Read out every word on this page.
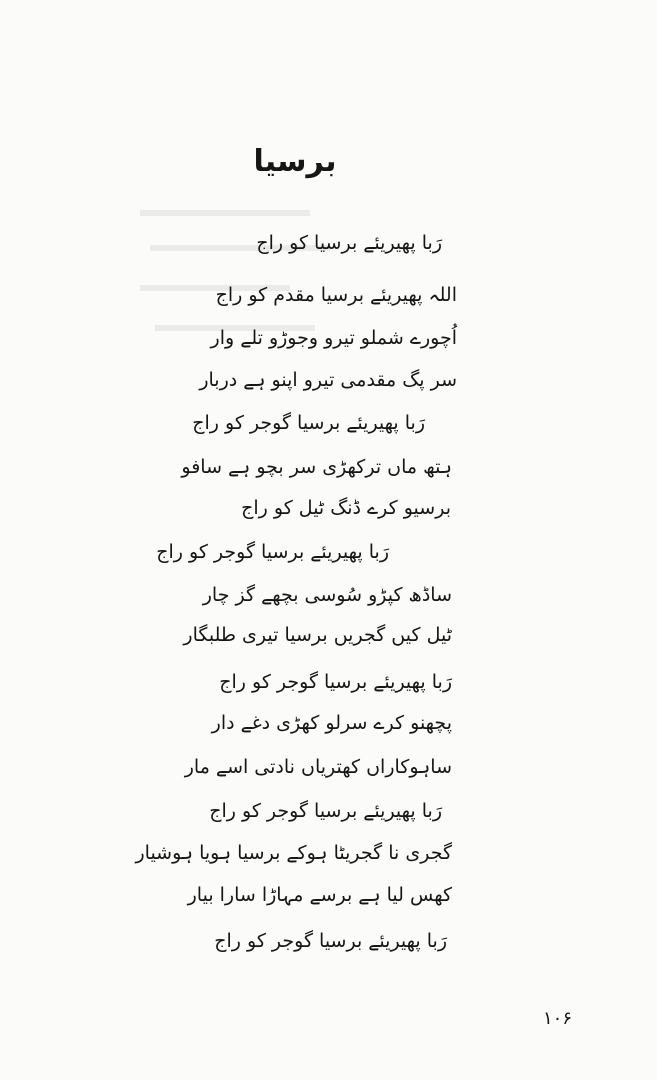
برسیا
رَبا پھیریئے برسیا کو راج
اللہ پھیریئے برسیا مقدم کو راج
اُچورے شملو تیرو وجوڑو تلے وار
سر پگ مقدمی تیرو اپنو ہے دربار
رَبا پھیریئے برسیا گوجر کو راج
ہتھ ماں ترکھڑی سر بچو ہے سافو
برسیو کرے ڈنگ ٹیل کو راج
رَبا پھیریئے برسیا گوجر کو راج
ساڈھ کپڑو سُوسی بچھے گز چار
ٹیل کیں گجریں برسیا تیری طلبگار
رَبا پھیریئے برسیا گوجر کو راج
پچھنو کرے سرلو کھڑی دغے دار
ساہوکاراں کھتریاں نادتی اسے مار
رَبا پھیریئے برسیا گوجر کو راج
گجری نا گجریٹا ہوکے برسیا ہویا ہوشیار
کھس لیا ہے برسے مہاڑا سارا بیار
رَبا پھیریئے برسیا گوجر کو راج
۱۰۶
